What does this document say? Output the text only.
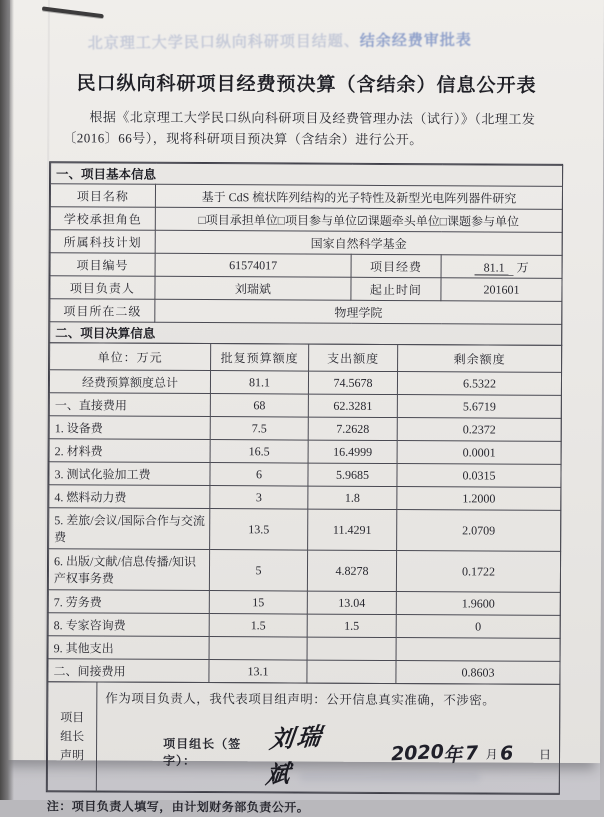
北京理工大学民口纵向科研项目结题、结余经费审批表
民口纵向科研项目经费预决算（含结余）信息公开表
根据《北京理工大学民口纵向科研项目及经费管理办法（试行）》（北理工发〔2016〕66号），现将科研项目预决算（含结余）进行公开。
一、项目基本信息			
项目名称	基于 CdS 梳状阵列结构的光子特性及新型光电阵列器件研究		
学校承担角色	□项目承担单位□项目参与单位☑课题牵头单位□课题参与单位		
所属科技计划	国家自然科学基金		
项目编号	61574017	项目经费	81.1 万
项目负责人	刘瑞斌	起止时间	201601
项目所在二级	物理学院		
二、项目决算信息			
单位：万元	批复预算额度	支出额度	剩余额度
经费预算额度总计	81.1	74.5678	6.5322
一、直接费用	68	62.3281	5.6719
1. 设备费	7.5	7.2628	0.2372
2. 材料费	16.5	16.4999	0.0001
3. 测试化验加工费	6	5.9685	0.0315
4. 燃料动力费	3	1.8	1.2000
5. 差旅/会议/国际合作与交流费	13.5	11.4291	2.0709
6. 出版/文献/信息传播/知识产权事务费	5	4.8278	0.1722
7. 劳务费	15	13.04	1.9600
8. 专家咨询费	1.5	1.5	0
9. 其他支出			
二、间接费用	13.1		0.8603
项目
组长
声明	
作为项目负责人，我代表项目组声明：公开信息真实准确，不涉密。
项目组长（签字）：
刘瑞斌
2020 年 7 月 6 日
注：项目负责人填写，由计划财务部负责公开。
